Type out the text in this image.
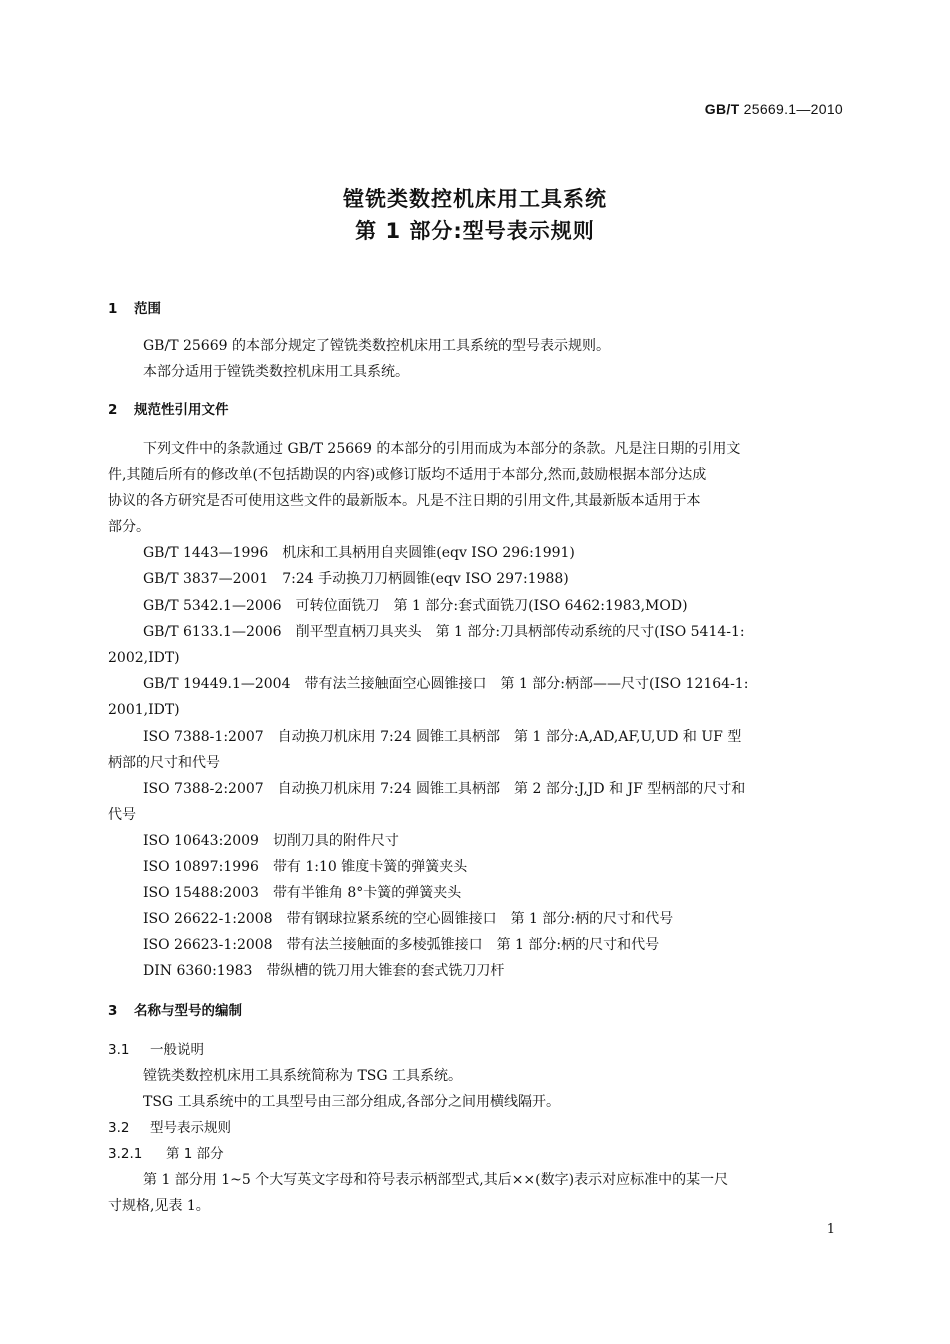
GB/T 25669.1—2010
镗铣类数控机床用工具系统
第 1 部分:型号表示规则
1 范围
GB/T 25669 的本部分规定了镗铣类数控机床用工具系统的型号表示规则。
本部分适用于镗铣类数控机床用工具系统。
2 规范性引用文件
下列文件中的条款通过 GB/T 25669 的本部分的引用而成为本部分的条款。凡是注日期的引用文
件,其随后所有的修改单(不包括勘误的内容)或修订版均不适用于本部分,然而,鼓励根据本部分达成
协议的各方研究是否可使用这些文件的最新版本。凡是不注日期的引用文件,其最新版本适用于本
部分。
GB/T 1443—1996 机床和工具柄用自夹圆锥(eqv ISO 296:1991)
GB/T 3837—2001 7:24 手动换刀刀柄圆锥(eqv ISO 297:1988)
GB/T 5342.1—2006 可转位面铣刀　第 1 部分:套式面铣刀(ISO 6462:1983,MOD)
GB/T 6133.1—2006 削平型直柄刀具夹头　第 1 部分:刀具柄部传动系统的尺寸(ISO 5414-1:
2002,IDT)
GB/T 19449.1—2004 带有法兰接触面空心圆锥接口　第 1 部分:柄部——尺寸(ISO 12164-1:
2001,IDT)
ISO 7388-1:2007 自动换刀机床用 7:24 圆锥工具柄部　第 1 部分:A,AD,AF,U,UD 和 UF 型
柄部的尺寸和代号
ISO 7388-2:2007 自动换刀机床用 7:24 圆锥工具柄部　第 2 部分:J,JD 和 JF 型柄部的尺寸和
代号
ISO 10643:2009 切削刀具的附件尺寸
ISO 10897:1996 带有 1:10 锥度卡簧的弹簧夹头
ISO 15488:2003 带有半锥角 8°卡簧的弹簧夹头
ISO 26622-1:2008 带有钢球拉紧系统的空心圆锥接口　第 1 部分:柄的尺寸和代号
ISO 26623-1:2008 带有法兰接触面的多棱弧锥接口　第 1 部分:柄的尺寸和代号
DIN 6360:1983 带纵槽的铣刀用大锥套的套式铣刀刀杆
3 名称与型号的编制
3.1 一般说明
镗铣类数控机床用工具系统简称为 TSG 工具系统。
TSG 工具系统中的工具型号由三部分组成,各部分之间用横线隔开。
3.2 型号表示规则
3.2.1 第 1 部分
第 1 部分用 1~5 个大写英文字母和符号表示柄部型式,其后××(数字)表示对应标准中的某一尺
寸规格,见表 1。
1
